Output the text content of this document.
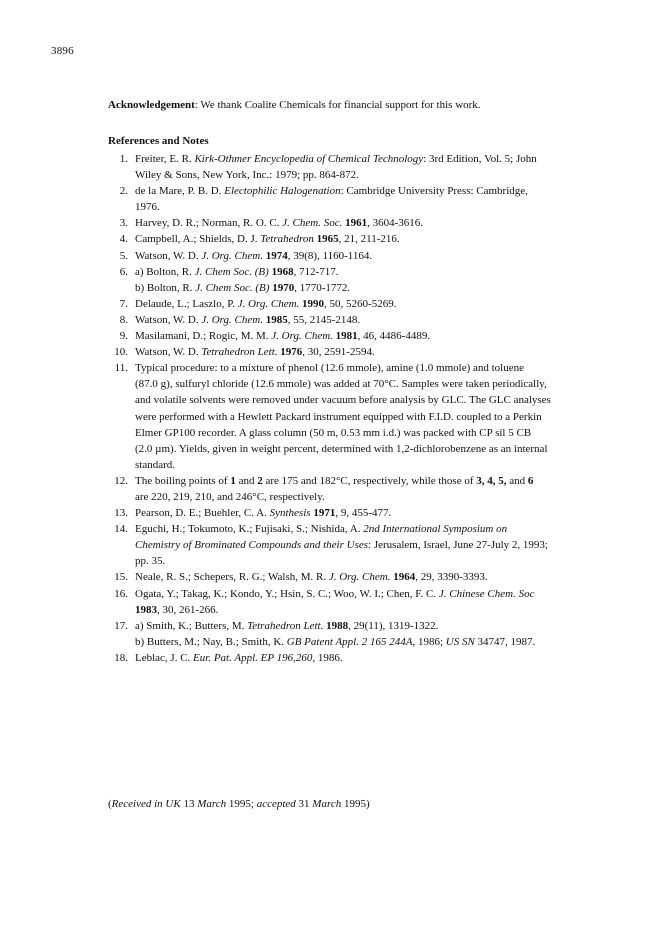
3896
Acknowledgement: We thank Coalite Chemicals for financial support for this work.
References and Notes
1. Freiter, E. R. Kirk-Othmer Encyclopedia of Chemical Technology: 3rd Edition, Vol. 5; John
Wiley & Sons, New York, Inc.: 1979; pp. 864-872.
2. de la Mare, P. B. D. Electophilic Halogenation: Cambridge University Press: Cambridge,
1976.
3. Harvey, D. R.; Norman, R. O. C. J. Chem. Soc. 1961, 3604-3616.
4. Campbell, A.; Shields, D. J. Tetrahedron 1965, 21, 211-216.
5. Watson, W. D. J. Org. Chem. 1974, 39(8), 1160-1164.
6. a) Bolton, R. J. Chem Soc. (B) 1968, 712-717.
b) Bolton, R. J. Chem Soc. (B) 1970, 1770-1772.
7. Delaude, L.; Laszlo, P. J. Org. Chem. 1990, 50, 5260-5269.
8. Watson, W. D. J. Org. Chem. 1985, 55, 2145-2148.
9. Masilamani, D.; Rogic, M. M. J. Org. Chem. 1981, 46, 4486-4489.
10. Watson, W. D. Tetrahedron Lett. 1976, 30, 2591-2594.
11. Typical procedure: to a mixture of phenol (12.6 mmole), amine (1.0 mmole) and toluene
(87.0 g), sulfuryl chloride (12.6 mmole) was added at 70°C. Samples were taken periodically,
and volatile solvents were removed under vacuum before analysis by GLC. The GLC analyses
were performed with a Hewlett Packard instrument equipped with F.I.D. coupled to a Perkin
Elmer GP100 recorder. A glass column (50 m, 0.53 mm i.d.) was packed with CP sil 5 CB
(2.0 µm). Yields, given in weight percent, determined with 1,2-dichlorobenzene as an internal
standard.
12. The boiling points of 1 and 2 are 175 and 182°C, respectively, while those of 3, 4, 5, and 6
are 220, 219, 210, and 246°C, respectively.
13. Pearson, D. E.; Buehler, C. A. Synthesis 1971, 9, 455-477.
14. Eguchi, H.; Tokumoto, K.; Fujisaki, S.; Nishida, A. 2nd International Symposium on
Chemistry of Brominated Compounds and their Uses: Jerusalem, Israel, June 27-July 2, 1993;
pp. 35.
15. Neale, R. S.; Schepers, R. G.; Walsh, M. R. J. Org. Chem. 1964, 29, 3390-3393.
16. Ogata, Y.; Takag, K.; Kondo, Y.; Hsin, S. C.; Woo, W. I.; Chen, F. C. J. Chinese Chem. Soc
1983, 30, 261-266.
17. a) Smith, K.; Butters, M. Tetrahedron Lett. 1988, 29(11), 1319-1322.
b) Butters, M.; Nay, B.; Smith, K. GB Patent Appl. 2 165 244A, 1986; US SN 34747, 1987.
18. Leblac, J. C. Eur. Pat. Appl. EP 196,260, 1986.
(Received in UK 13 March 1995; accepted 31 March 1995)
